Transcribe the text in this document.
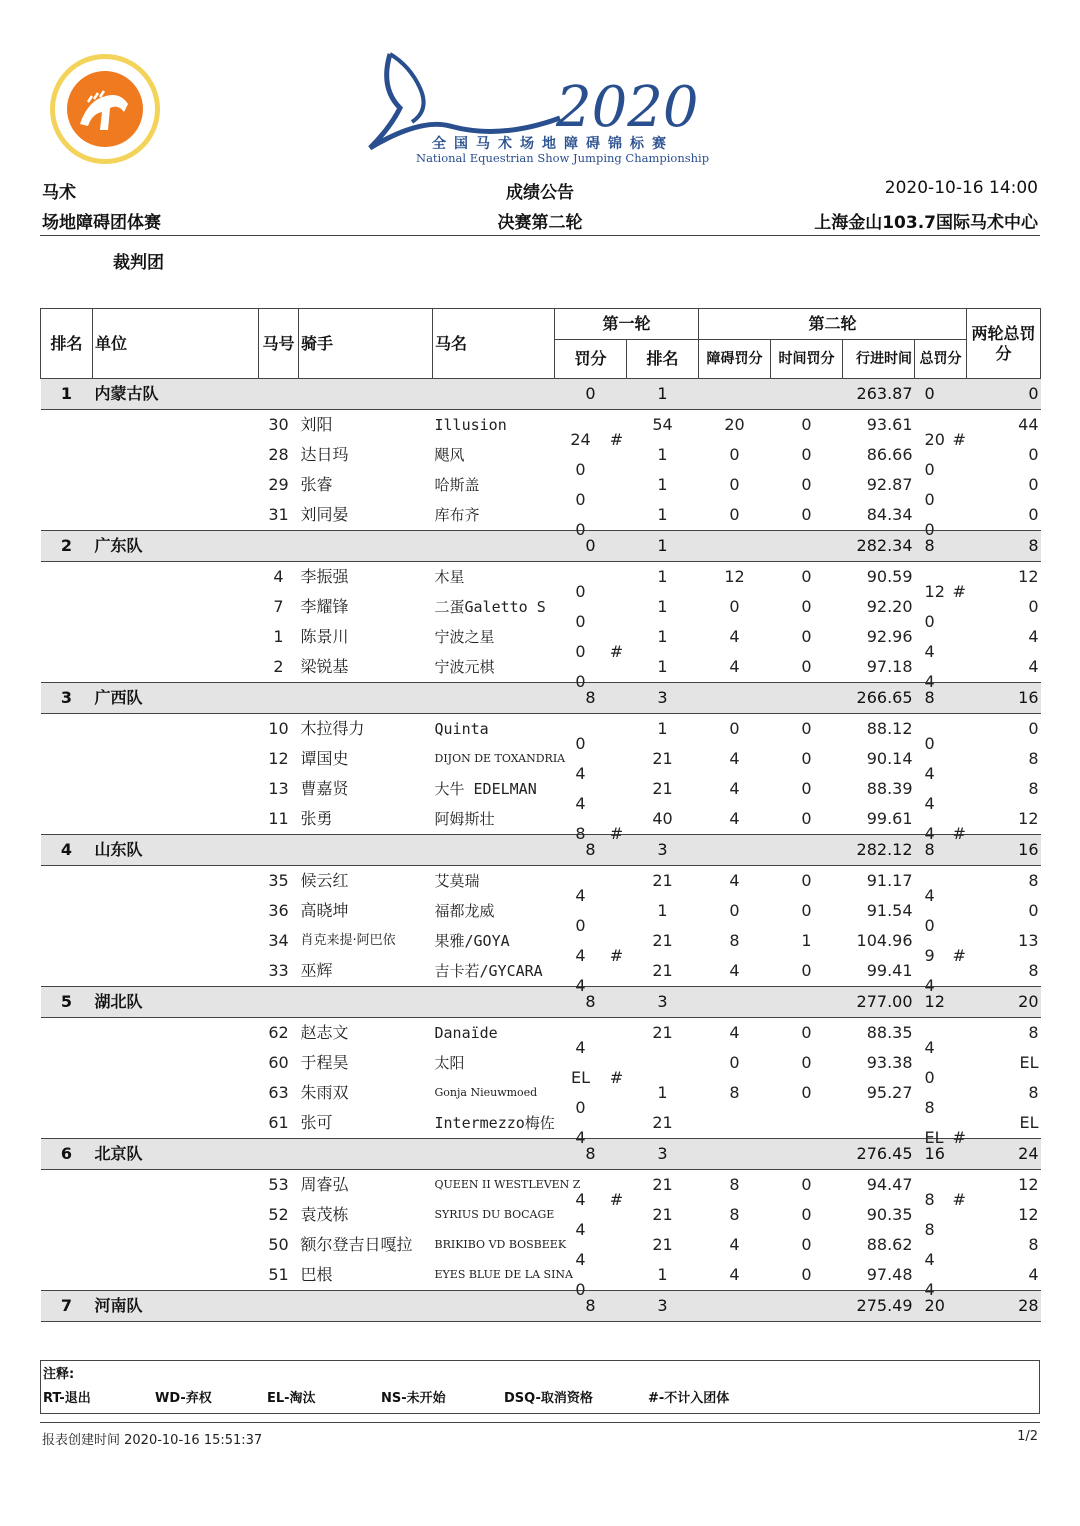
2020
全国马术场地障碍锦标赛
National Equestrian Show Jumping Championship
马术
场地障碍团体赛
成绩公告
决赛第二轮
2020-10-16 14:00
上海金山103.7国际马术中心
裁判团
排名	单位	马号	骑手	马名	第一轮		第二轮				两轮总罚分
					罚分	排名	障碍罚分	时间罚分	行进时间	总罚分	
1	内蒙古队				0	1			263.87	0	0
		30	刘阳	Illusion	24 #	54	20	0	93.61	20 #	44
		28	达日玛	飓风	0	1	0	0	86.66	0	0
		29	张睿	哈斯盖	0	1	0	0	92.87	0	0
		31	刘同晏	库布齐	0	1	0	0	84.34	0	0
2	广东队				0	1			282.34	8	8
		4	李振强	木星	0	1	12	0	90.59	12 #	12
		7	李耀锋	二蛋Galetto S	0	1	0	0	92.20	0	0
		1	陈景川	宁波之星	0 #	1	4	0	92.96	4	4
		2	梁锐基	宁波元棋	0	1	4	0	97.18	4	4
3	广西队				8	3			266.65	8	16
		10	木拉得力	Quinta	0	1	0	0	88.12	0	0
		12	谭国史	DIJON DE TOXANDRIA	4	21	4	0	90.14	4	8
		13	曹嘉贤	大牛 EDELMAN	4	21	4	0	88.39	4	8
		11	张勇	阿姆斯壮	8 #	40	4	0	99.61	4 #	12
4	山东队				8	3			282.12	8	16
		35	候云红	艾莫瑞	4	21	4	0	91.17	4	8
		36	高晓坤	福都龙威	0	1	0	0	91.54	0	0
		34	肖克来提·阿巴依	果雅/GOYA	4 #	21	8	1	104.96	9 #	13
		33	巫辉	吉卡若/GYCARA	4	21	4	0	99.41	4	8
5	湖北队				8	3			277.00	12	20
		62	赵志文	Danaïde	4	21	4	0	88.35	4	8
		60	于程昊	太阳	EL #		0	0	93.38	0	EL
		63	朱雨双	Gonja Nieuwmoed	0	1	8	0	95.27	8	8
		61	张可	Intermezzo梅佐	4	21				EL #	EL
6	北京队				8	3			276.45	16	24
		53	周睿弘	QUEEN II WESTLEVEN Z	4 #	21	8	0	94.47	8 #	12
		52	袁茂栋	SYRIUS DU BOCAGE	4	21	8	0	90.35	8	12
		50	额尔登吉日嘎拉	BRIKIBO VD BOSBEEK	4	21	4	0	88.62	4	8
		51	巴根	EYES BLUE DE LA SINA	0	1	4	0	97.48	4	4
7	河南队				8	3			275.49	20	28
注释:
RT-退出	WD-弃权	EL-淘汰	NS-未开始	DSQ-取消资格	#-不计入团体
报表创建时间 2020-10-16 15:51:37	1/2
